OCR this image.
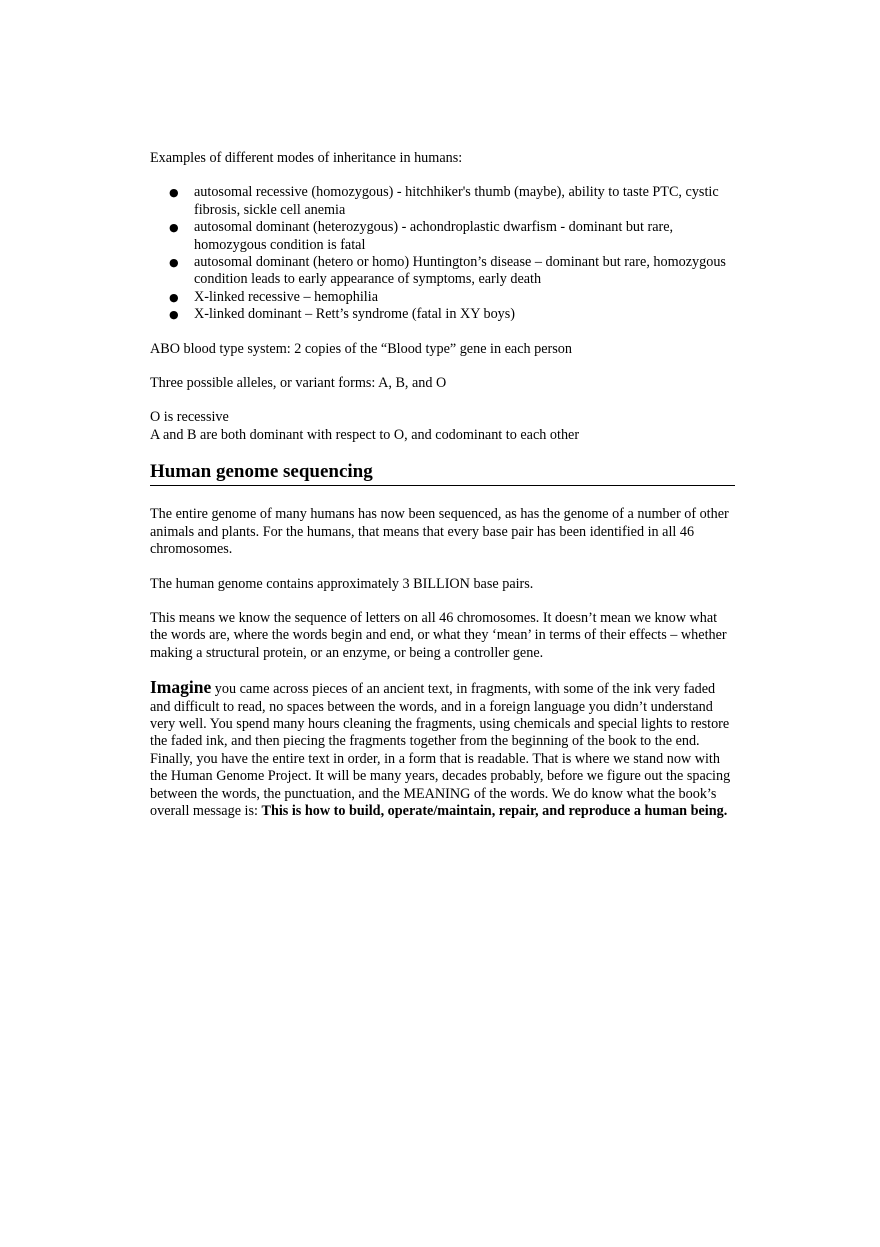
Examples of different modes of inheritance in humans:

● autosomal recessive (homozygous) - hitchhiker's thumb (maybe), ability to taste PTC, cystic fibrosis, sickle cell anemia
● autosomal dominant (heterozygous) - achondroplastic dwarfism - dominant but rare, homozygous condition is fatal
● autosomal dominant (hetero or homo) Huntington’s disease – dominant but rare, homozygous condition leads to early appearance of symptoms, early death
● X-linked recessive – hemophilia
● X-linked dominant – Rett’s syndrome (fatal in XY boys)

ABO blood type system: 2 copies of the “Blood type” gene in each person

Three possible alleles, or variant forms: A, B, and O

O is recessive

A and B are both dominant with respect to O, and codominant to each other

Human genome sequencing

The entire genome of many humans has now been sequenced, as has the genome of a number of other animals and plants. For the humans, that means that every base pair has been identified in all 46 chromosomes.

The human genome contains approximately 3 BILLION base pairs.

This means we know the sequence of letters on all 46 chromosomes. It doesn’t mean we know what the words are, where the words begin and end, or what they ‘mean’ in terms of their effects – whether making a structural protein, or an enzyme, or being a controller gene.

Imagine you came across pieces of an ancient text, in fragments, with some of the ink very faded and difficult to read, no spaces between the words, and in a foreign language you didn’t understand very well. You spend many hours cleaning the fragments, using chemicals and special lights to restore the faded ink, and then piecing the fragments together from the beginning of the book to the end. Finally, you have the entire text in order, in a form that is readable. That is where we stand now with the Human Genome Project. It will be many years, decades probably, before we figure out the spacing between the words, the punctuation, and the MEANING of the words. We do know what the book’s overall message is: This is how to build, operate/maintain, repair, and reproduce a human being.
